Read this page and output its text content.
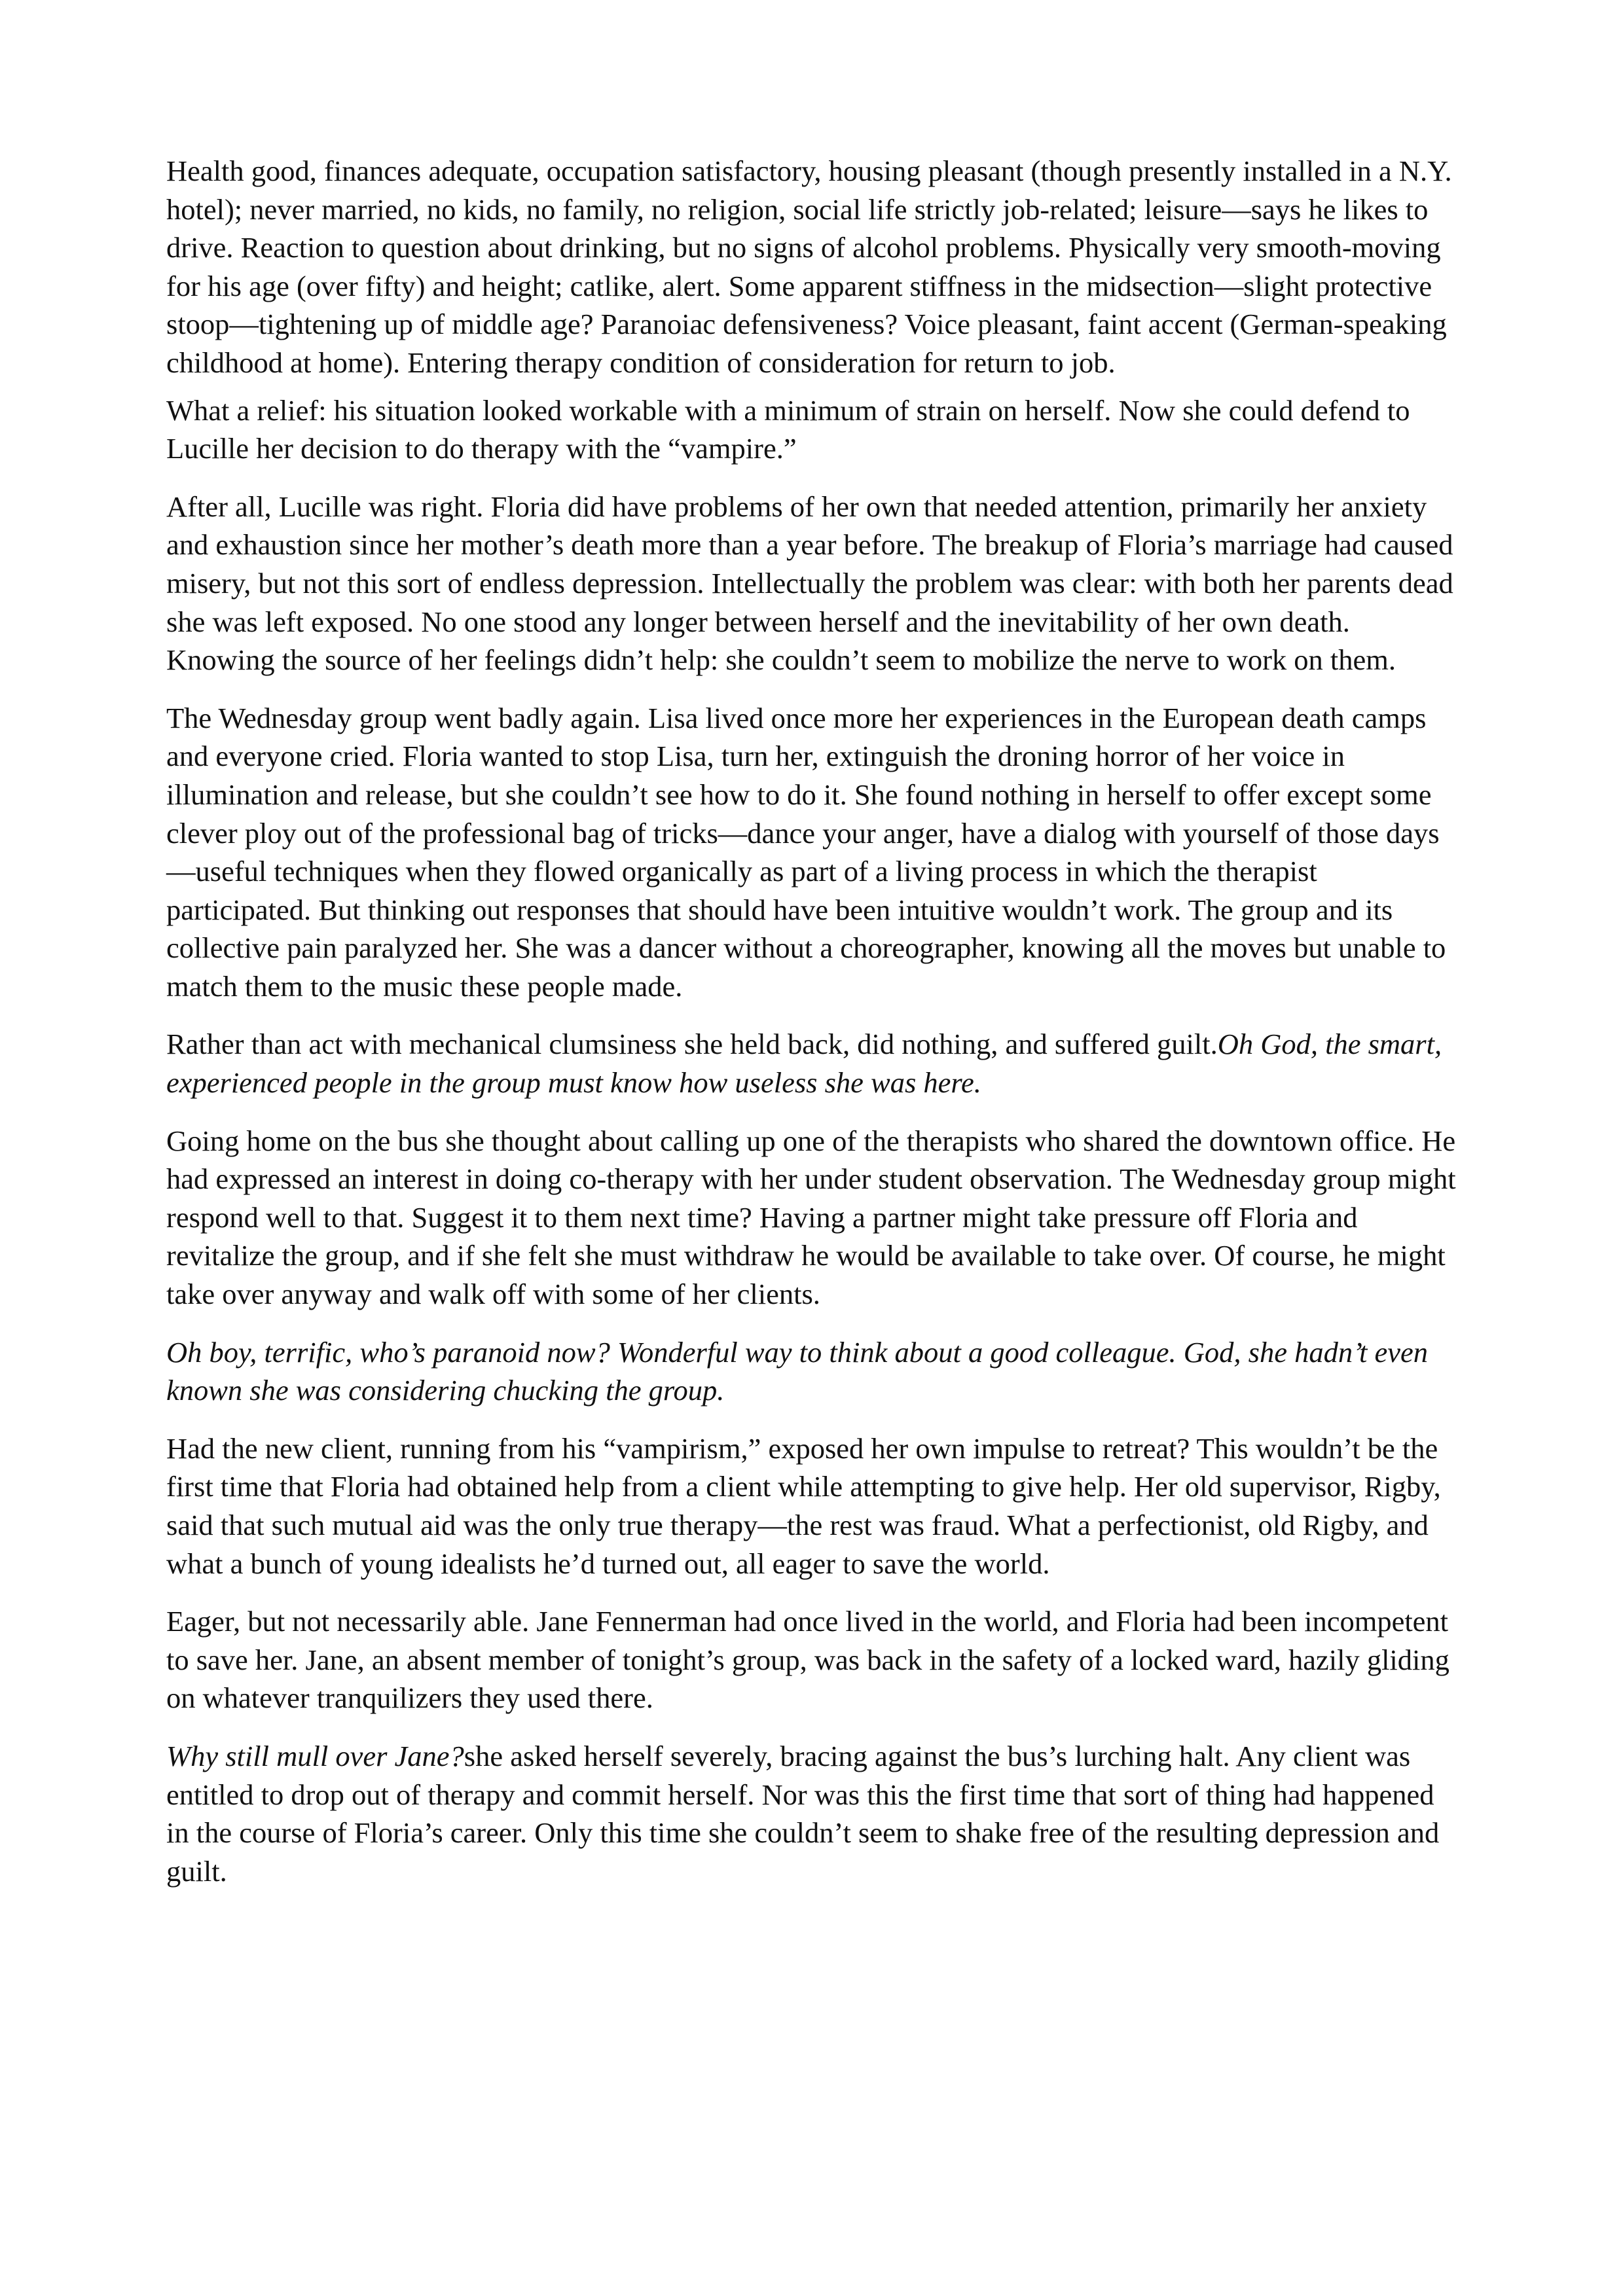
Health good, finances adequate, occupation satisfactory, housing pleasant (though presently installed in a N.Y. hotel); never married, no kids, no family, no religion, social life strictly job-related; leisure—says he likes to drive. Reaction to question about drinking, but no signs of alcohol problems. Physically very smooth-moving for his age (over fifty) and height; catlike, alert. Some apparent stiffness in the midsection—slight protective stoop—tightening up of middle age? Paranoiac defensiveness? Voice pleasant, faint accent (German-speaking childhood at home). Entering therapy condition of consideration for return to job.

What a relief: his situation looked workable with a minimum of strain on herself. Now she could defend to Lucille her decision to do therapy with the “vampire.”

After all, Lucille was right. Floria did have problems of her own that needed attention, primarily her anxiety and exhaustion since her mother’s death more than a year before. The breakup of Floria’s marriage had caused misery, but not this sort of endless depression. Intellectually the problem was clear: with both her parents dead she was left exposed. No one stood any longer between herself and the inevitability of her own death. Knowing the source of her feelings didn’t help: she couldn’t seem to mobilize the nerve to work on them.

The Wednesday group went badly again. Lisa lived once more her experiences in the European death camps and everyone cried. Floria wanted to stop Lisa, turn her, extinguish the droning horror of her voice in illumination and release, but she couldn’t see how to do it. She found nothing in herself to offer except some clever ploy out of the professional bag of tricks—dance your anger, have a dialog with yourself of those days—useful techniques when they flowed organically as part of a living process in which the therapist participated. But thinking out responses that should have been intuitive wouldn’t work. The group and its collective pain paralyzed her. She was a dancer without a choreographer, knowing all the moves but unable to match them to the music these people made.

Rather than act with mechanical clumsiness she held back, did nothing, and suffered guilt.Oh God, the smart, experienced people in the group must know how useless she was here.

Going home on the bus she thought about calling up one of the therapists who shared the downtown office. He had expressed an interest in doing co-therapy with her under student observation. The Wednesday group might respond well to that. Suggest it to them next time? Having a partner might take pressure off Floria and revitalize the group, and if she felt she must withdraw he would be available to take over. Of course, he might take over anyway and walk off with some of her clients.

Oh boy, terrific, who’s paranoid now? Wonderful way to think about a good colleague. God, she hadn’t even known she was considering chucking the group.

Had the new client, running from his “vampirism,” exposed her own impulse to retreat? This wouldn’t be the first time that Floria had obtained help from a client while attempting to give help. Her old supervisor, Rigby, said that such mutual aid was the only true therapy—the rest was fraud. What a perfectionist, old Rigby, and what a bunch of young idealists he’d turned out, all eager to save the world.

Eager, but not necessarily able. Jane Fennerman had once lived in the world, and Floria had been incompetent to save her. Jane, an absent member of tonight’s group, was back in the safety of a locked ward, hazily gliding on whatever tranquilizers they used there.

Why still mull over Jane?she asked herself severely, bracing against the bus’s lurching halt. Any client was entitled to drop out of therapy and commit herself. Nor was this the first time that sort of thing had happened in the course of Floria’s career. Only this time she couldn’t seem to shake free of the resulting depression and guilt.
